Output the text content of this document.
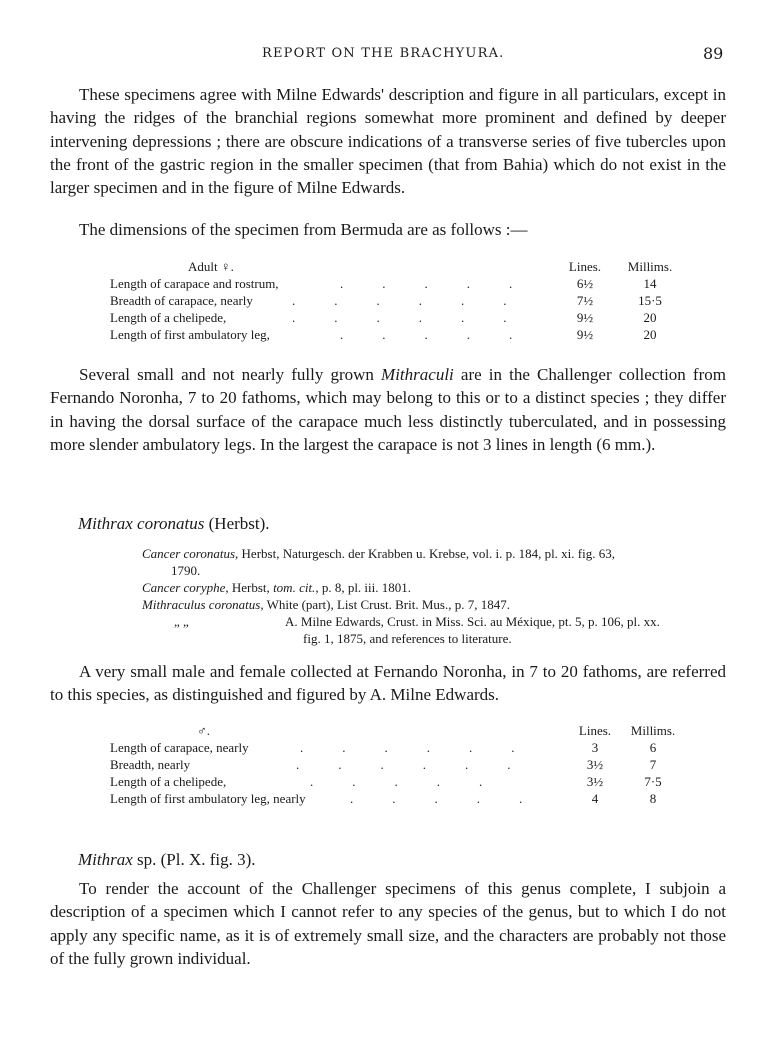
REPORT ON THE BRACHYURA.	89

These specimens agree with Milne Edwards' description and figure in all particulars, except in having the ridges of the branchial regions somewhat more prominent and defined by deeper intervening depressions ; there are obscure indications of a transverse series of five tubercles upon the front of the gastric region in the smaller specimen (that from Bahia) which do not exist in the larger specimen and in the figure of Milne Edwards.

The dimensions of the specimen from Bermuda are as follows :—

Adult ♀.	Lines.	Millims.
Length of carapace and rostrum,	.   .   .   .   .	6½	14
Breadth of carapace, nearly	.   .   .   .   .   .	7½	15·5
Length of a chelipede,	.   .   .   .   .   .	9½	20
Length of first ambulatory leg,	.   .   .   .   .	9½	20

Several small and not nearly fully grown Mithraculi are in the Challenger collection from Fernando Noronha, 7 to 20 fathoms, which may belong to this or to a distinct species ; they differ in having the dorsal surface of the carapace much less distinctly tuberculated, and in possessing more slender ambulatory legs. In the largest the carapace is not 3 lines in length (6 mm.).

Mithrax coronatus (Herbst).
Cancer coronatus, Herbst, Naturgesch. der Krabben u. Krebse, vol. i. p. 184, pl. xi. fig. 63,
1790.
Cancer coryphe, Herbst, tom. cit., p. 8, pl. iii. 1801.
Mithraculus coronatus, White (part), List Crust. Brit. Mus., p. 7, 1847.
„ „	A. Milne Edwards, Crust. in Miss. Sci. au Méxique, pt. 5, p. 106, pl. xx.
fig. 1, 1875, and references to literature.

A very small male and female collected at Fernando Noronha, in 7 to 20 fathoms, are referred to this species, as distinguished and figured by A. Milne Edwards.

♂.	Lines.	Millims.
Length of carapace, nearly	.   .   .   .   .   .	3	6
Breadth, nearly	.   .   .   .   .   .	3½	7
Length of a chelipede,	.   .   .   .   .	3½	7·5
Length of first ambulatory leg, nearly	.   .   .   .   .	4	8
Mithrax sp. (Pl. X. fig. 3).

To render the account of the Challenger specimens of this genus complete, I subjoin a description of a specimen which I cannot refer to any species of the genus, but to which I do not apply any specific name, as it is of extremely small size, and the characters are probably not those of the fully grown individual.
